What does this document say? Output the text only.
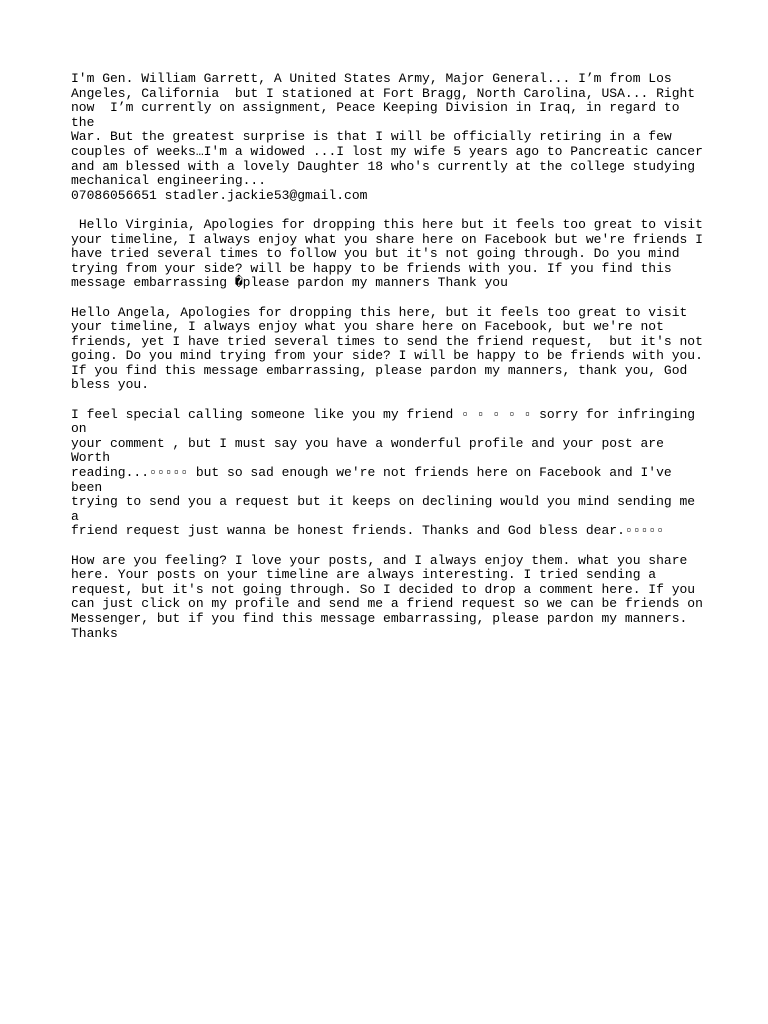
I'm Gen. William Garrett, A United States Army, Major General... I’m from Los
Angeles, California  but I stationed at Fort Bragg, North Carolina, USA... Right
now  I’m currently on assignment, Peace Keeping Division in Iraq, in regard to the
War. But the greatest surprise is that I will be officially retiring in a few
couples of weeks…I'm a widowed ...I lost my wife 5 years ago to Pancreatic cancer
and am blessed with a lovely Daughter 18 who's currently at the college studying
mechanical engineering...
07086056651 stadler.jackie53@gmail.com

Hello Virginia, Apologies for dropping this here but it feels too great to visit
your timeline, I always enjoy what you share here on Facebook but we're friends I
have tried several times to follow you but it's not going through. Do you mind
trying from your side? will be happy to be friends with you. If you find this
message embarrassing �please pardon my manners Thank you

Hello Angela, Apologies for dropping this here, but it feels too great to visit
your timeline, I always enjoy what you share here on Facebook, but we're not
friends, yet I have tried several times to send the friend request,  but it's not
going. Do you mind trying from your side? I will be happy to be friends with you.
If you find this message embarrassing, please pardon my manners, thank you, God
bless you.

I feel special calling someone like you my friend ▫ ▫ ▫ ▫ ▫ sorry for infringing on
your comment , but I must say you have a wonderful profile and your post are Worth
reading...▫▫▫▫▫ but so sad enough we're not friends here on Facebook and I've been
trying to send you a request but it keeps on declining would you mind sending me a
friend request just wanna be honest friends. Thanks and God bless dear.▫▫▫▫▫

How are you feeling? I love your posts, and I always enjoy them. what you share
here. Your posts on your timeline are always interesting. I tried sending a
request, but it's not going through. So I decided to drop a comment here. If you
can just click on my profile and send me a friend request so we can be friends on
Messenger, but if you find this message embarrassing, please pardon my manners.
Thanks
